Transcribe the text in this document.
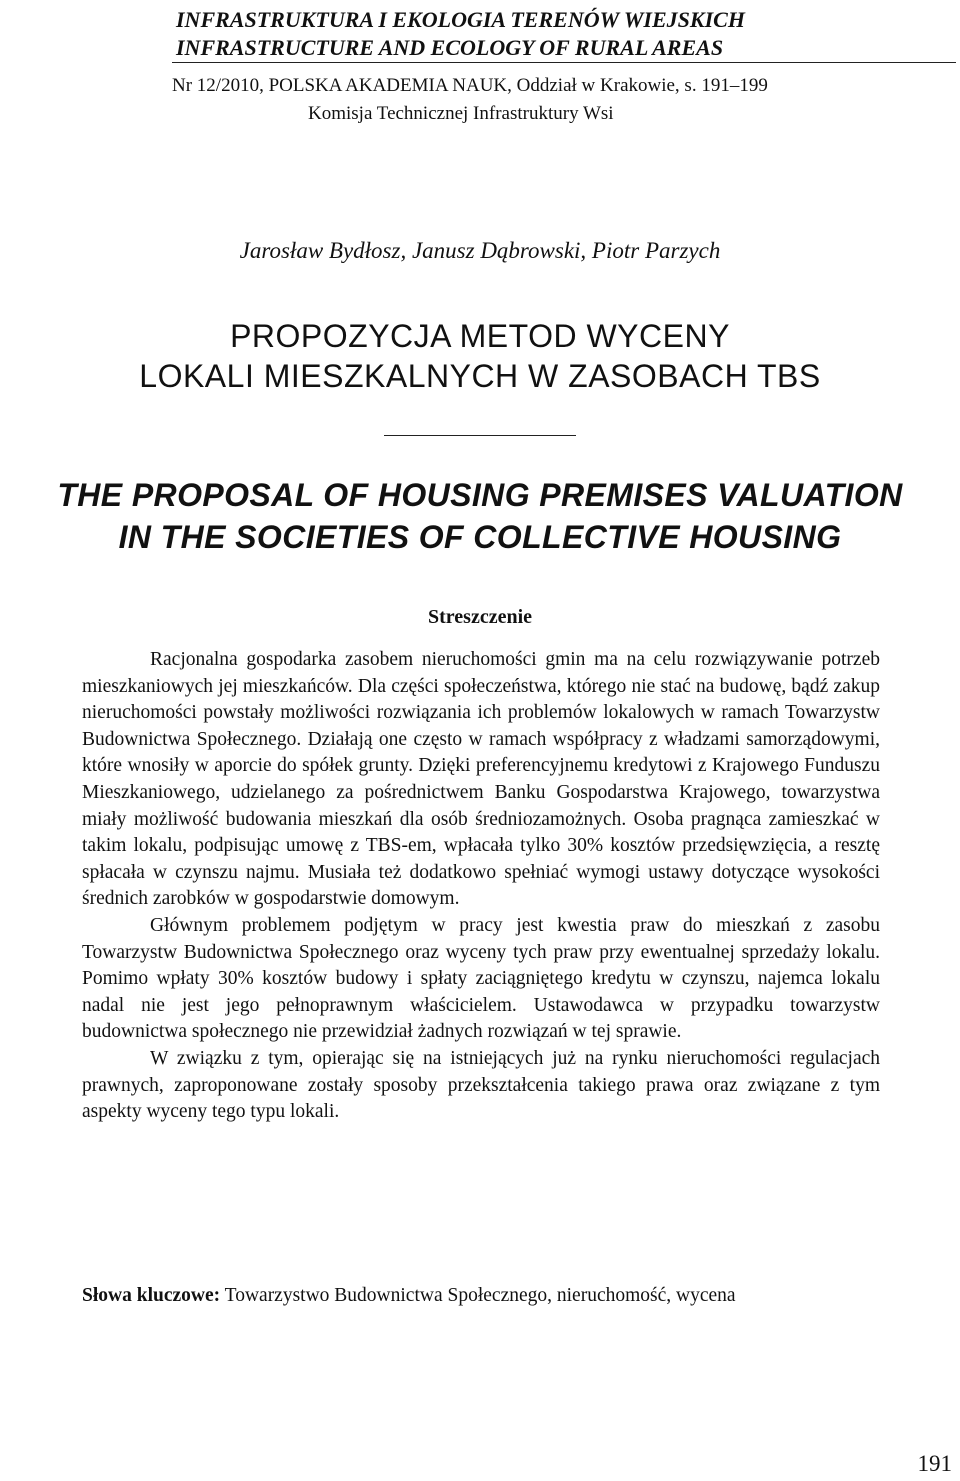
INFRASTRUKTURA I EKOLOGIA TERENÓW WIEJSKICH
INFRASTRUCTURE AND ECOLOGY OF RURAL AREAS
Nr 12/2010, POLSKA AKADEMIA NAUK, Oddział w Krakowie, s. 191–199
Komisja Technicznej Infrastruktury Wsi
Jarosław Bydłosz, Janusz Dąbrowski, Piotr Parzych
PROPOZYCJA METOD WYCENY
LOKALI MIESZKALNYCH W ZASOBACH TBS
THE PROPOSAL OF HOUSING PREMISES VALUATION
IN THE SOCIETIES OF COLLECTIVE HOUSING
Streszczenie

Racjonalna gospodarka zasobem nieruchomości gmin ma na celu rozwiązywanie potrzeb mieszkaniowych jej mieszkańców. Dla części społeczeństwa, którego nie stać na budowę, bądź zakup nieruchomości powstały możliwości rozwiązania ich problemów lokalowych w ramach Towarzystw Budownictwa Społecznego. Działają one często w ramach współpracy z władzami samorządowymi, które wnosiły w aporcie do spółek grunty. Dzięki preferencyjnemu kredytowi z Krajowego Funduszu Mieszkaniowego, udzielanego za pośrednictwem Banku Gospodarstwa Krajowego, towarzystwa miały możliwość budowania mieszkań dla osób średniozamożnych. Osoba pragnąca zamieszkać w takim lokalu, podpisując umowę z TBS-em, wpłacała tylko 30% kosztów przedsięwzięcia, a resztę spłacała w czynszu najmu. Musiała też dodatkowo spełniać wymogi ustawy dotyczące wysokości średnich zarobków w gospodarstwie domowym.

Głównym problemem podjętym w pracy jest kwestia praw do mieszkań z zasobu Towarzystw Budownictwa Społecznego oraz wyceny tych praw przy ewentualnej sprzedaży lokalu. Pomimo wpłaty 30% kosztów budowy i spłaty zaciągniętego kredytu w czynszu, najemca lokalu nadal nie jest jego pełnoprawnym właścicielem. Ustawodawca w przypadku towarzystw budownictwa społecznego nie przewidział żadnych rozwiązań w tej sprawie.

W związku z tym, opierając się na istniejących już na rynku nieruchomości regulacjach prawnych, zaproponowane zostały sposoby przekształcenia takiego prawa oraz związane z tym aspekty wyceny tego typu lokali.

Słowa kluczowe: Towarzystwo Budownictwa Społecznego, nieruchomość, wycena
191
